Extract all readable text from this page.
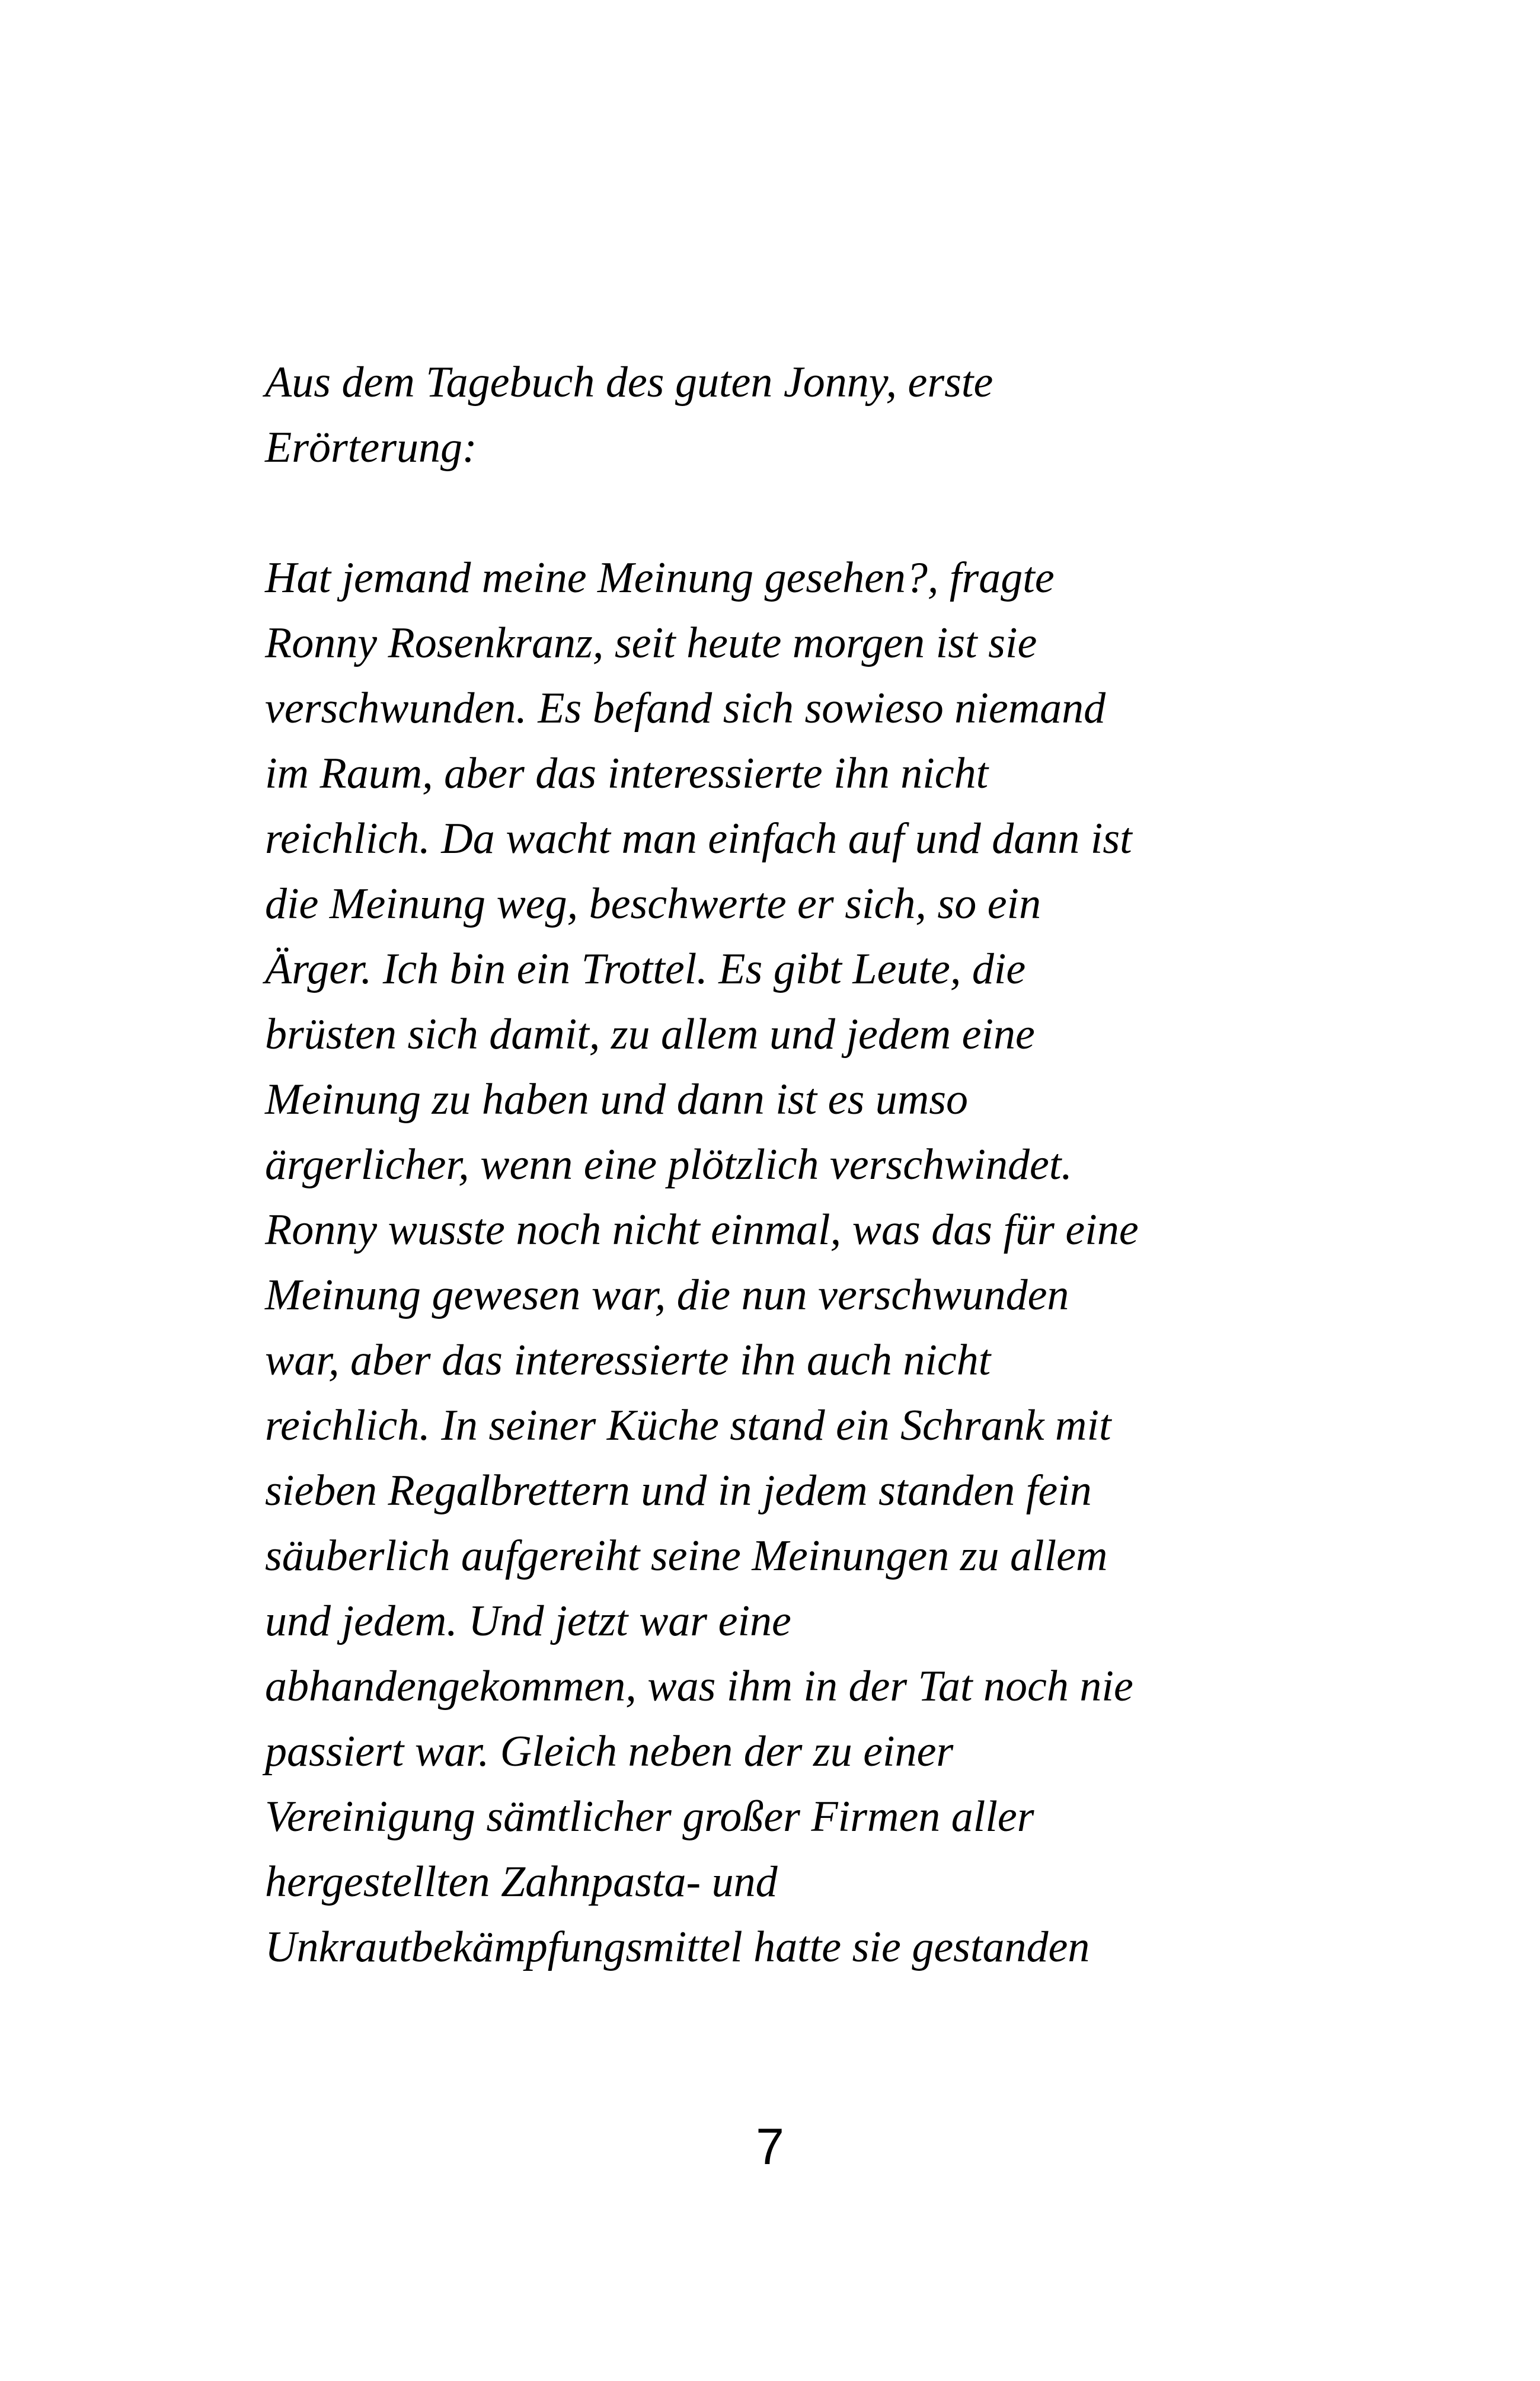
Aus dem Tagebuch des guten Jonny, erste
Erörterung:
Hat jemand meine Meinung gesehen?, fragte
Ronny Rosenkranz, seit heute morgen ist sie
verschwunden. Es befand sich sowieso niemand
im Raum, aber das interessierte ihn nicht
reichlich. Da wacht man einfach auf und dann ist
die Meinung weg, beschwerte er sich, so ein
Ärger. Ich bin ein Trottel. Es gibt Leute, die
brüsten sich damit, zu allem und jedem eine
Meinung zu haben und dann ist es umso
ärgerlicher, wenn eine plötzlich verschwindet.
Ronny wusste noch nicht einmal, was das für eine
Meinung gewesen war, die nun verschwunden
war, aber das interessierte ihn auch nicht
reichlich. In seiner Küche stand ein Schrank mit
sieben Regalbrettern und in jedem standen fein
säuberlich aufgereiht seine Meinungen zu allem
und jedem. Und jetzt war eine
abhandengekommen, was ihm in der Tat noch nie
passiert war. Gleich neben der zu einer
Vereinigung sämtlicher großer Firmen aller
hergestellten Zahnpasta- und
Unkrautbekämpfungsmittel hatte sie gestanden
7
